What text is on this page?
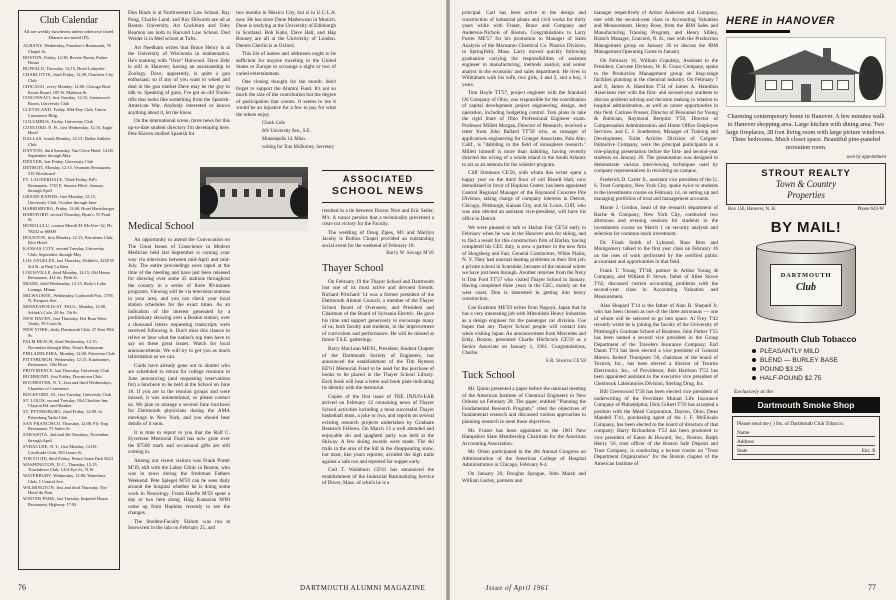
Club Calendar
All are weekly luncheons unless otherwise listed. Dinners are noted (D).
ALBANY, Wednesday, Fanshaw's Restaurant, 76 Chapel St.
BOSTON, Friday, 12:30, Revere Room, Parker House
BUFFALO, Thursday, 12:15, Hotel Lafayette
CHARLOTTE, third Friday, 12:30, Charlotte City Club
CHICAGO, every Monday, 12:00, Chicago Real Estate Board, 105 W. Madison St.
CINCINNATI, first Tuesday, 12:15, Greenwoo's Room, University Club
CLEVELAND, Friday, Mid-Day Club, Union Commerce Bldg.
COLUMBUS, Friday, University Club
CONCORD, N. H., first Wednesday, 12:15, Eagle Hotel
DALLAS, fourth Monday, 12:15, Dallas Athletic Club
DAYTON, third Saturday, Van Cleve Hotel, 12:00, September through May
DENVER, last Friday, University Club
DETROIT, Monday, 12:15, Yeomans Restaurant, 516 Woodward
FT. LAUDERDALE, Third Friday, Pal's Restaurant, 1745 E. Sunrise Blvd., January through April
GRAND RAPIDS, first Monday, 12:15, University Club, October through June
HARRISBURG, Friday, 12:00, Hotel Harrisburger
HARTFORD, second Thursday, Ryan's, 55 Pearl St.
HONOLULU, contact Merrill H. McAfee '42, Ph. 78202 or 66000
HOUSTON, first Monday, 12:15, Petroleum Club, Rice Hotel
KANSAS CITY, second Tuesday, University Club, September through May
LOS ANGELES, last Thursday, Dobbin's, 4220 W. 3rd St. at Park La Brea
LOUISVILLE, third Monday, 12:15, Old House Restaurant, 432 So. Fifth St.
MIAMI, third Wednesday, 12:15, Betty's Lobo Lounge, Miami
MILWAUKEE, Wednesday, Cudworth Post, 1756 N. Prospect Ave.
MINNEAPOLIS-ST. PAUL, Monday, 12:00, Schiek's Cafe, 20 So. 7th St.
NEW HAVEN, first Thursday, Hof Brau Wine Vaults, 59 Court St.
NEW YORK, daily, Dartmouth Club, 37 East 39th St.
PALM BEACH, third Wednesday, 12:15, December through May, Testa's Restaurant
PHILADELPHIA, Monday, 12:00, Princeton Club
PITTSBURGH, Wednesday, 12:15, Kaufmann's Restaurant, 11th Floor
PROVIDENCE, last Thursday, University Club
RICHMOND, first Friday, Downtown Club
ROCHESTER, N. Y., first and third Wednesdays, Chamber of Commerce
ROCKFORD, Ill., first Tuesday, University Club
ST. LOUIS, second Tuesday, Old Cheshire Inn, Clayton Rd. and Skinker
ST. PETERSBURG, third Friday, 12:00, St. Petersburg Yacht Club
SAN FRANCISCO, Thursday, 12:00, Fly Trap Restaurant, 73 Sutter St.
SARASOTA, 2nd and 4th Tuesdays, November through April
SYRACUSE, N. Y., first Monday, 12:00, Cavalcade Club, 503 James St.
TOKYO (D), third Friday, Prince Grant Park 5624
WASHINGTON, D. C., Thursday, 12:15, Touchdown Club, 1414 Eye St., N.W.
WATERBURY, Wednesday, 12:00, Waterbury Club, 1 Central Ave.
WILMINGTON, first and third Thursday, The Hotel du Pont
WINTER PARK, last Tuesday, Imperial House Restaurant, Highway 17-92

Don Black is at Northwestern Law School. Ray Pong, Charlie Lund, and Ray Dilworth are all at Boston University. Art Cockburn and Toby Reamon are both in Harvard Law School. Dud Weider is in Med school at Tufts.

Art Needham writes that Bruce Henry is at the University of Wisconsin in mathematics. He's teaming with "Ocie" Harwood. Dave Zehr is still in Hanover, having an assistantship in Zoology. Dave, apparently, is quite a gun enthusiast; so if any of you want to wheel and deal in the gun market Dave may be the guy to talk to. Speaking of guns, I've got an old Tonino rifle that looks like something from the Spanish-American War. Anybody interested or knows anything about it, let me know.

On the international scene, more news for this up-to-date student directory I'm developing here. Pete Klaven studied Spanish for

Medical School

An opportunity to attend the Convocation on The Great Issues of Conscience in Modern Medicine held last September is coming your way via television between mid-April and mid-July. The entire proceedings were taped at the time of the meeting and have just been released for showing over some 45 stations throughout the country in a series of three 90-minute programs. Viewing will be via television stations in your area, and you can check your local station schedules for the exact times. As an indication of the interest generated by a preliminary showing over a Boston station, over a thousand letters requesting transcripts were received following it. Don't miss this chance to relive or hear what the nation's top men have to say on these great issues. Watch for local announcements. We will try to get you as much information as we can.

Cards have already gone out to alumni who are scheduled to return for college reunions in June announcing (and requesting reservations for) a luncheon to be held at the School on June 16. If you are in the reunion groups and were missed, it was unintentional, so please contact us. We plan to arrange a second June luncheon for Dartmouth physicians during the AMA meetings in New York, and you should hear details of it soon.

It is time to report to you that the Rolf C. Syvertsen Memorial Fund has now gone over the $7500 mark and occasional gifts are still coming in.

Among our recent visitors was Frank Porter M'39, still with the Lahey Clinic in Boston, who was in town during the freshman Fathers Weekend. Pete Spiegel M'59 can be seen daily around the hospital whether he is doing some work in Neurology. Frank Hoefle M'59 spent a day or two here along. Haig Kanazian M'60 came up from Hopkins recently to see the changes.

The Student-Faculty Slalom was run at Snowcrest in the rain on February 25, and

two months in Mexico City, but is in U.C.L.A. now. He has since Dune Mathewson in Munich. Dune is studying at the University of Edinburgh in Scotland. Bob Kahn, Dave Hall, and Hap Bonney are all at the University of London. Dennis Cherlin is at Oxford.

This list of names and addresses ought to be sufficient for anyone traveling in the United States or Europe to scrounge a night or two of varied entertainment.

One closing thought for the month: don't forget to support the Alumni Fund. It's not so much the size of the contribution but the degree of participation that counts. It seems to me it would be an injustice for a few to pay for what the others enjoy.

Chuck Cole
601 University Ave., S.E.
Minneapolis 14, Minn.
writing for Tom McBurney, Secretary
ASSOCIATED
SCHOOL NEWS

resulted in a tie between Doctor Nice and Eric Seiler, M's. A rumor persists that a technicality prevented a clear-cut victory for the Faculty.

The wedding of Doug Zipes, M1 and Marilyn Jacoby is Rollins Chapel provided an outstanding social event for the weekend of February 18.

Harry W. Savage M'26
Thayer School

On February 19 the Thayer School and Dartmouth lost one of its most active and devoted friends. Richard Pritchard '14 was a former president of the Dartmouth Alumni Council, a member of the Thayer School Board of Overseers, and President and Chairman of the Board of Sylvania Electric. He gave his time and support generously to encourage many of us, both faculty and students, in the improvement of curriculum and performance. He will be missed at future T.S.E. gatherings.

Barry MacLean ME'61, President, Student Chapter of the Dartmouth Society of Engineers, has announced the establishment of the Tim Rymess EE'61 Memorial Fund to be used for the purchase of books to be placed in the Thayer School Library. Each book will bear a letter and book plate indicating its identity with the memorial.

Copies of the first issue of THE INJUN-EAR arrived on February 12 containing news of Thayer School activities including a most successful Thayer basketball team, a joke or two, and reports on several existing research projects undertaken by Graduate Research Fellows. On March 13 a well attended and enjoyable ski and spaghetti party was held at the Skiway. A few skiing awards were made. The ski trails in the area of the hill in the disappearing snow, but most, like yours reporter, avoided the high trails against a safe run and reported for supper early.

Carl T. Washburn CE'61 has announced the establishment of the Industrial Rationalizing Service of Dover, Mass. of which he is a

76	DARTMOUTH ALUMNI MAGAZINE

principal. Carl has been active in the design and construction of industrial plants and civil works for thirty years while with Fraser, Brace and Company and Anderson-Nichols of Boston. Congratulations to Larry Furrer ME'57 for his promotion to Manager of Sales Analysis of the Monsanto Chemical Co. Plastics Division, in Springfield, Mass. Larry moved quickly following graduation carrying the responsibilities of assistant engineer in manufacturing, methods analyst, and senior analyst in the economic and sales department. He lives in Wilbraham with his wife, two girls, 4 and 2, and a boy, 3 years.

Tom Hoyle TT'57, project engineer with the Standard Oil Company of Ohio, was responsible for the coordination of capital development project engineering, design, and operation, including budgeting control. Tom plans to take the rigid State of Ohio Professional Engineer exam. Professor Millett Morgan, Director of Research, received a letter from John Ballard TT'58 who, as manager of applications engineering for Granger Associates, Palo Alto, Calif., is "dabbling in the field of ionosphere research." Millett himself is more than dabbling, having recently directed the wiring of a whole island in the South Atlantic to act as an antenna for his whistler program.

Cliff Simmons CE'56, with whom this writer spent a happy year on the third floor of old Bissell Hall, now demolished in favor of Hopkins Center, has been appointed Central Regional Manager of the Raymond Concrete Pile Division, taking charge of company interests in Detroit, Chicago, Pittsburgh, Kansas City, and St. Louis. Cliff, who was also elected an assistant vice-president, will have his office in Detroit.

We were pleased to talk to Harlan Fair CE'54 early in February when he was in the Hanover area for skiing, and to find a result for this construction firm of Harlan, having completed his CEC duty, is now a partner in the new firm of Skogsberg and Fair, General Contractors, White Plains, N. Y. They had unusual heating problems in their first job, a private school in Scarsdale, because of the unusual winter we have just been through. Another returnee from the Navy is Tom Ford TT'57 who visited Thayer School in January. Having completed three years in the CEC, mainly on the west coast, Don is interested in getting into heavy construction.

Coe Eusbottn ME'59 writes from Nagoya, Japan that he has a very interesting job with Mitsubishi Heavy Industries as a design engineer for the passenger car division. Coe hopes that any Thayer School people will contact him when visiting Japan. An announcement from Mercedes and Eddy, Boston, presented Charlie Hitchcock CE'59 as a Senior Associate on January 1, 1961. Congratulations, Charlie.

S.R. Stearns CE'58
Tuck School

Mr. Quinn presented a paper before the national meeting of the American Institute of Chemical Engineers in New Orleans on February 28. The paper, entitled "Planning the Fundamental Research Program," cited the objectives of fundamental research and discussed various approaches to planning research to meet these objectives.

Mr. Frazer has been appointed to the 1961 New Hampshire State Membership Chairman for the American Accounting Association.

Mr. Olsen participated in the 4th Annual Congress on Administration of the American College of Hospital Administrators in Chicago, February 8-4.

On January 20, Douglas Sprague, John Marsh and William Gurley, partners and

manager respectively of Arthur Andersen and Company, met with the second-year class in Accounting Valuation and Measurement. Henry Rose, from the IBM Sales and Manufacturing Training Program, and Henry Sibley, Branch Manager, Concord, N. H., met with the Production Management group on January 26 to discuss the IBM Management Operating Game in January.

On February 16, William Copulsky, Assistant to the President, Corvese Division, W. R. Grace Company, spoke to the Production Management group on long-range facilities planning in the chemical industry. On February 7 and 8, James A. Hamilton T'34 of James A. Hamilton Associates met with the first- and second-year students to discuss problem solving and decision making in relation to hospital administration, as well as career opportunities in this field. Corinne Prosser, Director of Personnel for Young & Rubicam, Raymond Berquist T'59, Director of Compensation Administration and Home Office Employee Services, and C. J. Southerton, Manager of Training and Development, Toilet Articles Division of Colgate-Palmolive Company, were the principal participants in a role-playing presentation before the first- and second-year students on January 26. The presentation was designed to demonstrate various interviewing techniques used by company representatives in recruiting on campus.

Frederick D. Carter Jr., assistant vice president of the U. S. Trust Company, New York City, spoke twice to students in the investments course on February 14, on setting up and managing portfolios of trust and management accounts.

Monte J. Gordon, head of the research department of Bache & Company, New York City, conducted two afternoon and evening sessions for students in the investments course on March 1 on security analysis and selection for common stock investment.

Dr. Frank Smith of Lybrand, Ross Bros and Montgomery talked to the first year class on February 16 on the uses of work performed by the certified public accountant and opportunities in that field.

Frank T. Young TT'48, partner in Arthur Young & Company, and William P. Stowe, father of Allen Stowe T'62, discussed current accounting problems with the second-year class in Accounting Valuation and Measurement.

Alan Shepard T'14 is the father of Alan B. Shepard Jr. who has been chosen as one of the three astronauts — one of whom will be selected to go into space. Al Frey T'42 recently wrote he is joining the faculty of the University of Pittsburgh's Graduate School of Business. John Parker T'55 has been named a second vice president in the Group Department of the Travelers Insurance Company; Earl Daum T'74 has been elected a vice president of General Motors. Robert Thompson '58, chairman of the board of Textron, Inc., has been elected a director of Textron Electronics, Inc., of Providence; Bob Harrison T'52 has been appointed assistant to the executive vice president of Glenbrook Laboratories Division, Sterling Drug, Inc.

Bill Greenwood T'58 has been elected vice president of underwriting of the Provident Mutual Life Insurance Company of Philadelphia; Dick Gilbert T'59 has accepted a position with the Mead Corporation, Dayton, Ohio; Dean Mandell T'41, purchasing agent of the J. F. McElwain Company, has been elected to the board of directors of that company; Harry Richardson T'52 has been promoted to vice president of Eaton & Howard, Inc., Boston; Ralph Henry '56, trust officer of the Boston Safe Deposit and Trust Company, is conducting a lecture course on "Trust Department Organization" for the Boston chapter of the American Institute of

HERE in HANOVER
Charming contemporary home in Hanover. A few minutes walk to Hanover shopping area. Large kitchen with dining area. Two large fireplaces, 28 foot living room with large picture windows. Three bedrooms. Much closet space. Beautiful pine-paneled recreation room.
seen by appointment
STROUT REALTY
Town & Country
Properties
Box 150, Hanover, N. H.	Phone 643-W
BY MAIL!
DARTMOUTH
Club
Dartmouth Club Tobacco
PLEASANTLY MILD
BLEND — BURLEY BASE
POUND $3.25
HALF-POUND $2.75
Exclusively at the:
Dartmouth Smoke Shop
Please send me ( ) lbs. of Dartmouth Club Tobacco.
Name
Address
State	Enc. $
Issue of April 1961	77
